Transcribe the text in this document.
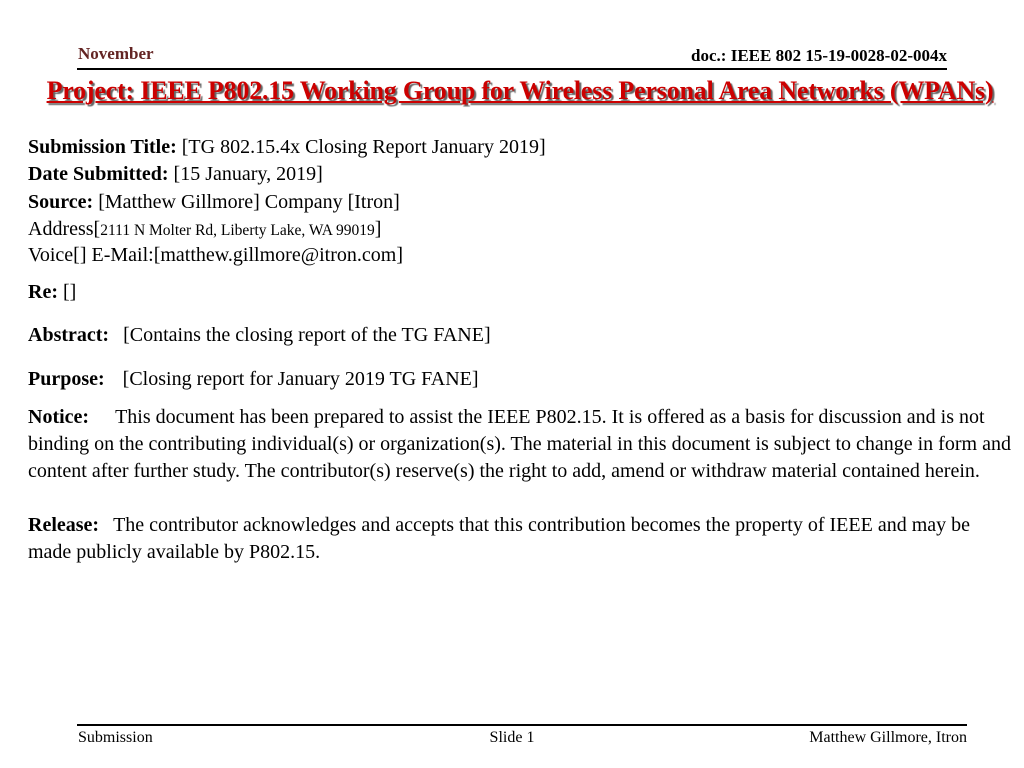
November	doc.: IEEE 802 15-19-0028-02-004x
Project: IEEE P802.15 Working Group for Wireless Personal Area Networks (WPANs)
Submission Title: [TG 802.15.4x Closing Report January 2019]
Date Submitted: [15 January, 2019]
Source: [Matthew Gillmore] Company [Itron]
Address[2111 N Molter Rd, Liberty Lake, WA 99019]
Voice[] E-Mail:[matthew.gillmore@itron.com]
Re: []
Abstract: [Contains the closing report of the TG FANE]
Purpose: [Closing report for January 2019 TG FANE]
Notice: This document has been prepared to assist the IEEE P802.15. It is offered as a basis for discussion and is not binding on the contributing individual(s) or organization(s). The material in this document is subject to change in form and content after further study. The contributor(s) reserve(s) the right to add, amend or withdraw material contained herein.
Release: The contributor acknowledges and accepts that this contribution becomes the property of IEEE and may be made publicly available by P802.15.
Submission	Slide 1	Matthew Gillmore, Itron
